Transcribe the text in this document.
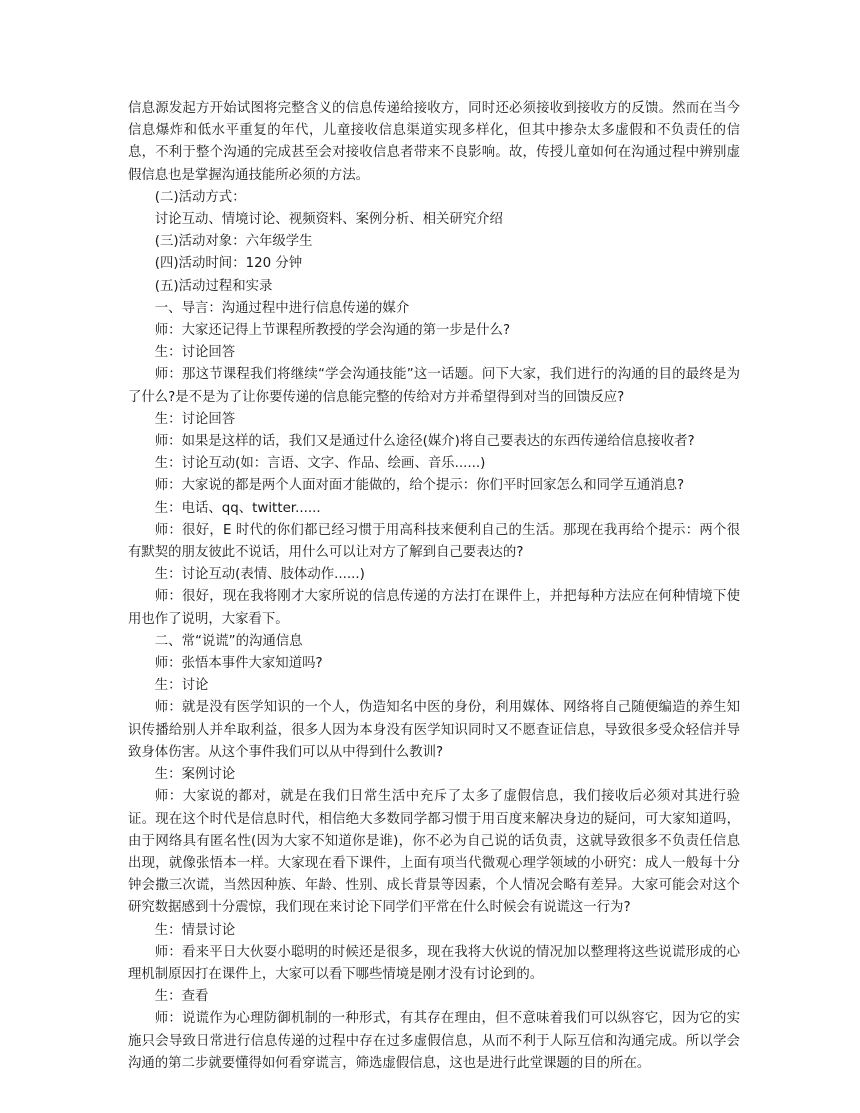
信息源发起方开始试图将完整含义的信息传递给接收方，同时还必须接收到接收方的反馈。然而在当今信息爆炸和低水平重复的年代，儿童接收信息渠道实现多样化，但其中掺杂太多虚假和不负责任的信息，不利于整个沟通的完成甚至会对接收信息者带来不良影响。故，传授儿童如何在沟通过程中辨别虚假信息也是掌握沟通技能所必须的方法。

(二)活动方式：

讨论互动、情境讨论、视频资料、案例分析、相关研究介绍

(三)活动对象：六年级学生

(四)活动时间：120 分钟

(五)活动过程和实录

一、导言：沟通过程中进行信息传递的媒介

师：大家还记得上节课程所教授的学会沟通的第一步是什么?

生：讨论回答

师：那这节课程我们将继续“学会沟通技能”这一话题。问下大家，我们进行的沟通的目的最终是为了什么?是不是为了让你要传递的信息能完整的传给对方并希望得到对当的回馈反应?

生：讨论回答

师：如果是这样的话，我们又是通过什么途径(媒介)将自己要表达的东西传递给信息接收者?

生：讨论互动(如：言语、文字、作品、绘画、音乐......)

师：大家说的都是两个人面对面才能做的，给个提示：你们平时回家怎么和同学互通消息?

生：电话、qq、twitter......

师：很好，E 时代的你们都已经习惯于用高科技来便利自己的生活。那现在我再给个提示：两个很有默契的朋友彼此不说话，用什么可以让对方了解到自己要表达的?

生：讨论互动(表情、肢体动作......)

师：很好，现在我将刚才大家所说的信息传递的方法打在课件上，并把每种方法应在何种情境下使用也作了说明，大家看下。

二、常“说谎”的沟通信息

师：张悟本事件大家知道吗?

生：讨论

师：就是没有医学知识的一个人，伪造知名中医的身份，利用媒体、网络将自己随便编造的养生知识传播给别人并牟取利益，很多人因为本身没有医学知识同时又不愿查证信息，导致很多受众轻信并导致身体伤害。从这个事件我们可以从中得到什么教训?

生：案例讨论

师：大家说的都对，就是在我们日常生活中充斥了太多了虚假信息，我们接收后必须对其进行验证。现在这个时代是信息时代，相信绝大多数同学都习惯于用百度来解决身边的疑问，可大家知道吗，由于网络具有匿名性(因为大家不知道你是谁)，你不必为自己说的话负责，这就导致很多不负责任信息出现，就像张悟本一样。大家现在看下课件，上面有项当代微观心理学领域的小研究：成人一般每十分钟会撒三次谎，当然因种族、年龄、性别、成长背景等因素，个人情况会略有差异。大家可能会对这个研究数据感到十分震惊，我们现在来讨论下同学们平常在什么时候会有说谎这一行为?

生：情景讨论

师：看来平日大伙耍小聪明的时候还是很多，现在我将大伙说的情况加以整理将这些说谎形成的心理机制原因打在课件上，大家可以看下哪些情境是刚才没有讨论到的。

生：查看

师：说谎作为心理防御机制的一种形式，有其存在理由，但不意味着我们可以纵容它，因为它的实施只会导致日常进行信息传递的过程中存在过多虚假信息，从而不利于人际互信和沟通完成。所以学会沟通的第二步就要懂得如何看穿谎言，筛选虚假信息，这也是进行此堂课题的目的所在。
